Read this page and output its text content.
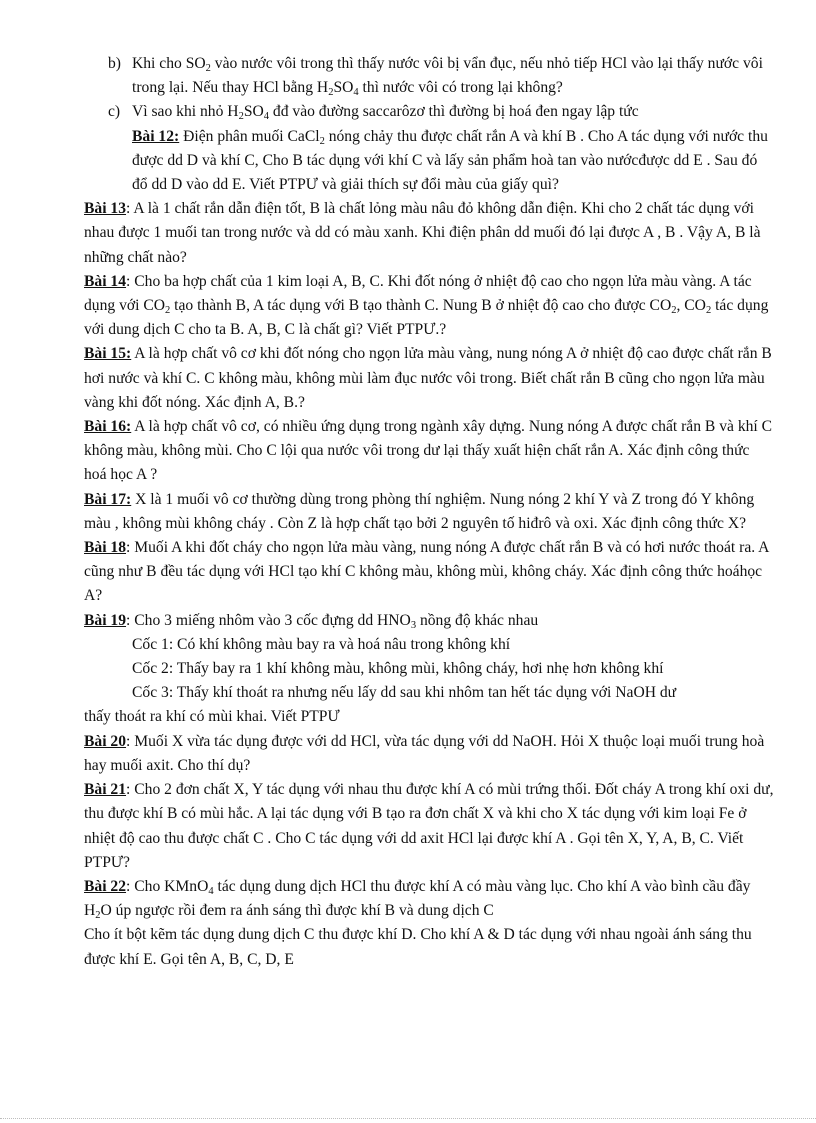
b) Khi cho $SO_2$ vào nước vôi trong thì thấy nước vôi bị vẩn đục, nếu nhỏ tiếp HCl vào lại thấy nước vôi trong lại. Nếu thay HCl bằng $H_2SO_4$ thì nước vôi có trong lại không?
c) Vì sao khi nhỏ $H_2SO_4$ đđ vào đường saccarôzơ thì đường bị hoá đen ngay lập tức

Bài 12: Điện phân muối CaCl$_2$ nóng chảy thu được chất rắn A và khí B . Cho A tác dụng với nước thu được dd D và khí C, Cho B tác dụng với khí C và lấy sản phẩm hoà tan vào nướcđược dd E . Sau đó đổ dd D vào dd E. Viết PTPƯ và giải thích sự đổi màu của giấy quì?

Bài 13: A là 1 chất rắn dẫn điện tốt, B là chất lỏng màu nâu đỏ không dẫn điện. Khi cho 2 chất tác dụng với nhau được 1 muối tan trong nước và dd có màu xanh. Khi điện phân dd muối đó lại được A , B . Vậy A, B là những chất nào?

Bài 14: Cho ba hợp chất của 1 kim loại A, B, C. Khi đốt nóng ở nhiệt độ cao cho ngọn lửa màu vàng. A tác dụng với $CO_2$ tạo thành B, A tác dụng với B tạo thành C. Nung B ở nhiệt độ cao cho được $CO_2$, $CO_2$ tác dụng với dung dịch C cho ta B. A, B, C là chất gì? Viết PTPƯ.?

Bài 15: A là hợp chất vô cơ khi đốt nóng cho ngọn lửa màu vàng, nung nóng A ở nhiệt độ cao được chất rắn B hơi nước và khí C. C không màu, không mùi làm đục nước vôi trong. Biết chất rắn B cũng cho ngọn lửa màu vàng khi đốt nóng. Xác định A, B.?

Bài 16: A là hợp chất vô cơ, có nhiều ứng dụng trong ngành xây dựng. Nung nóng A được chất rắn B và khí C không màu, không mùi. Cho C lội qua nước vôi trong dư lại thấy xuất hiện chất rắn A. Xác định công thức hoá học A ?

Bài 17: X là 1 muối vô cơ thường dùng trong phòng thí nghiệm. Nung nóng 2 khí Y và Z trong đó Y không màu , không mùi không cháy . Còn Z là hợp chất tạo bởi 2 nguyên tố hiđrô và oxi. Xác định công thức X?

Bài 18: Muối A khi đốt cháy cho ngọn lửa màu vàng, nung nóng A được chất rắn B và có hơi nước thoát ra. A cũng như B đều tác dụng với HCl tạo khí C không màu, không mùi, không cháy. Xác định công thức hoáhọc A?

Bài 19: Cho 3 miếng nhôm vào 3 cốc đựng dd $HNO_3$ nồng độ khác nhau

Cốc 1: Có khí không màu bay ra và hoá nâu trong không khí

Cốc 2: Thấy bay ra 1 khí không màu, không mùi, không cháy, hơi nhẹ hơn không khí

Cốc 3: Thấy khí thoát ra nhưng nếu lấy dd sau khi nhôm tan hết tác dụng với NaOH dư

thấy thoát ra khí có mùi khai. Viết PTPƯ

Bài 20: Muối X vừa tác dụng được với dd HCl, vừa tác dụng với dd NaOH. Hỏi X thuộc loại muối trung hoà hay muối axit. Cho thí dụ?

Bài 21: Cho 2 đơn chất X, Y tác dụng với nhau thu được khí A có mùi trứng thối. Đốt cháy A trong khí oxi dư, thu được khí B có mùi hắc. A lại tác dụng với B tạo ra đơn chất X và khi cho X tác dụng với kim loại Fe ở nhiệt độ cao thu được chất C . Cho C tác dụng với dd axit HCl lại được khí A . Gọi tên X, Y, A, B, C. Viết PTPƯ?

Bài 22: Cho KMnO$_4$ tác dụng dung dịch HCl thu được khí A có màu vàng lục. Cho khí A vào bình cầu đầy $H_2O$ úp ngược rồi đem ra ánh sáng thì được khí B và dung dịch C

Cho ít bột kẽm tác dụng dung dịch C thu được khí D. Cho khí A & D tác dụng với nhau ngoài ánh sáng thu được khí E. Gọi tên A, B, C, D, E
